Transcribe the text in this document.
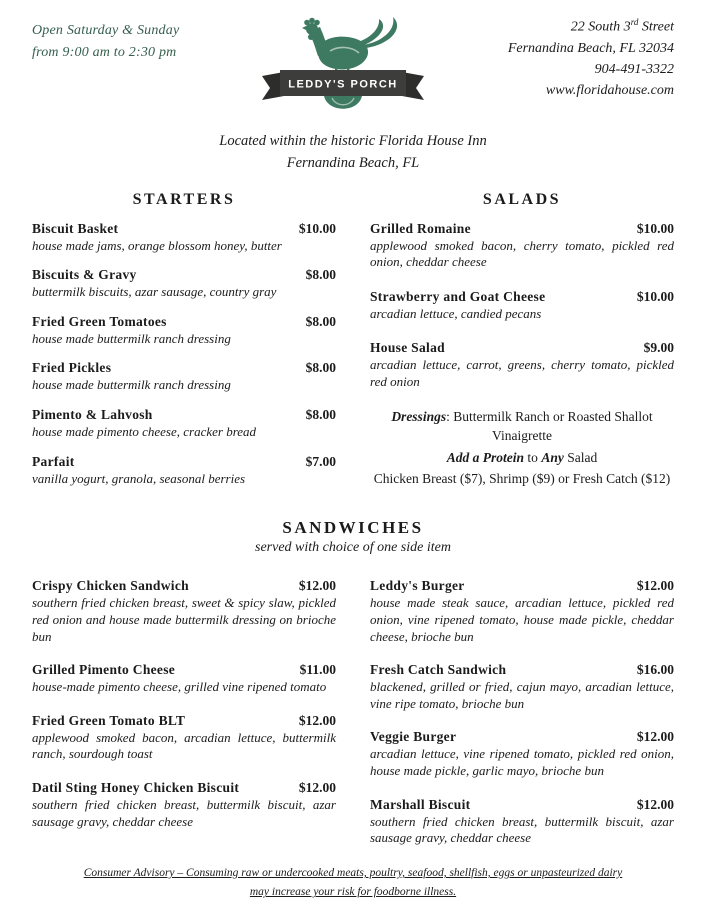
Open Saturday & Sunday
from 9:00 am to 2:30 pm
LEDDY'S PORCH
22 South 3rd Street
Fernandina Beach, FL 32034
904-491-3322
www.floridahouse.com
Located within the historic Florida House Inn
Fernandina Beach, FL
STARTERS
Biscuit Basket	$10.00
house made jams, orange blossom honey, butter
Biscuits & Gravy	$8.00
buttermilk biscuits, azar sausage, country gray
Fried Green Tomatoes	$8.00
house made buttermilk ranch dressing
Fried Pickles	$8.00
house made buttermilk ranch dressing
Pimento & Lahvosh	$8.00
house made pimento cheese, cracker bread
Parfait	$7.00
vanilla yogurt, granola, seasonal berries
SALADS
Grilled Romaine	$10.00
applewood smoked bacon, cherry tomato, pickled red onion, cheddar cheese
Strawberry and Goat Cheese	$10.00
arcadian lettuce, candied pecans
House Salad	$9.00
arcadian lettuce, carrot, greens, cherry tomato, pickled red onion

Dressings: Buttermilk Ranch or Roasted Shallot Vinaigrette

Add a Protein to Any Salad

Chicken Breast ($7), Shrimp ($9) or Fresh Catch ($12)

SANDWICHES
served with choice of one side item
Crispy Chicken Sandwich	$12.00
southern fried chicken breast, sweet & spicy slaw, pickled red onion and house made buttermilk dressing on brioche bun
Grilled Pimento Cheese	$11.00
house-made pimento cheese, grilled vine ripened tomato
Fried Green Tomato BLT	$12.00
applewood smoked bacon, arcadian lettuce, buttermilk ranch, sourdough toast
Datil Sting Honey Chicken Biscuit	$12.00
southern fried chicken breast, buttermilk biscuit, azar sausage gravy, cheddar cheese
Leddy's Burger	$12.00
house made steak sauce, arcadian lettuce, pickled red onion, vine ripened tomato, house made pickle, cheddar cheese, brioche bun
Fresh Catch Sandwich	$16.00
blackened, grilled or fried, cajun mayo, arcadian lettuce, vine ripe tomato, brioche bun
Veggie Burger	$12.00
arcadian lettuce, vine ripened tomato, pickled red onion, house made pickle, garlic mayo, brioche bun
Marshall Biscuit	$12.00
southern fried chicken breast, buttermilk biscuit, azar sausage gravy, cheddar cheese
Consumer Advisory – Consuming raw or undercooked meats, poultry, seafood, shellfish, eggs or unpasteurized dairy may increase your risk for foodborne illness.
